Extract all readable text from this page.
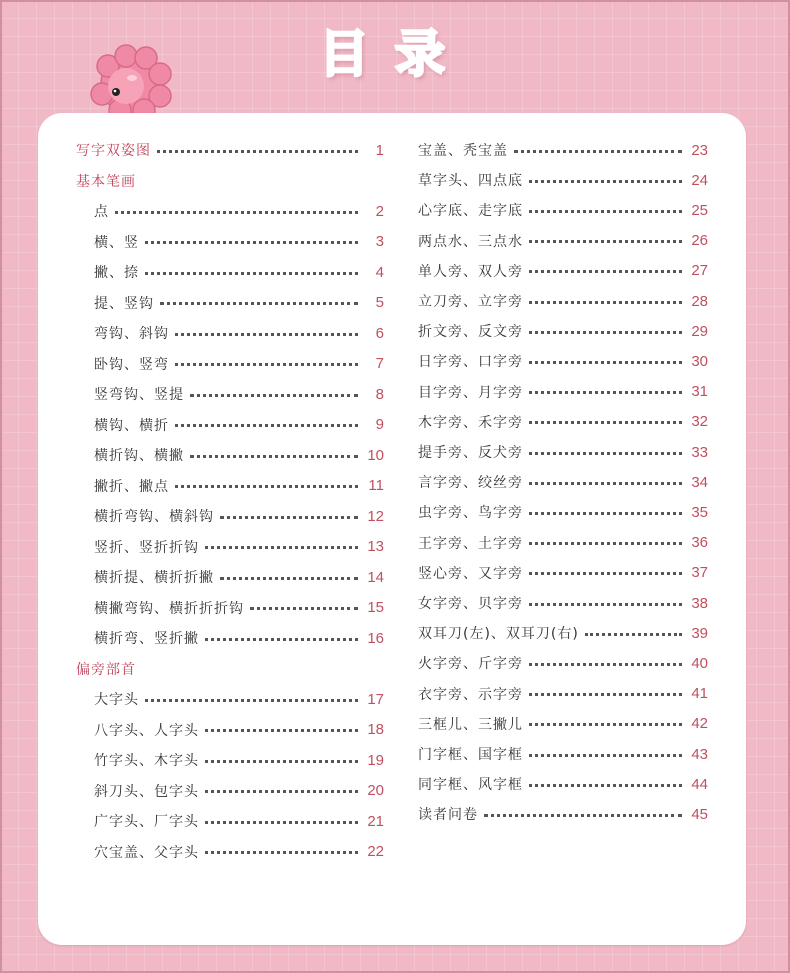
目录
写字双姿图	1
基本笔画
点	2
横、竖	3
撇、捺	4
提、竖钩	5
弯钩、斜钩	6
卧钩、竖弯	7
竖弯钩、竖提	8
横钩、横折	9
横折钩、横撇	10
撇折、撇点	11
横折弯钩、横斜钩	12
竖折、竖折折钩	13
横折提、横折折撇	14
横撇弯钩、横折折折钩	15
横折弯、竖折撇	16
偏旁部首
大字头	17
八字头、人字头	18
竹字头、木字头	19
斜刀头、包字头	20
广字头、厂字头	21
穴宝盖、父字头	22
宝盖、秃宝盖	23
草字头、四点底	24
心字底、走字底	25
两点水、三点水	26
单人旁、双人旁	27
立刀旁、立字旁	28
折文旁、反文旁	29
日字旁、口字旁	30
目字旁、月字旁	31
木字旁、禾字旁	32
提手旁、反犬旁	33
言字旁、绞丝旁	34
虫字旁、鸟字旁	35
王字旁、土字旁	36
竖心旁、又字旁	37
女字旁、贝字旁	38
双耳刀(左)、双耳刀(右)	39
火字旁、斤字旁	40
衣字旁、示字旁	41
三框儿、三撇儿	42
门字框、国字框	43
同字框、风字框	44
读者问卷	45
